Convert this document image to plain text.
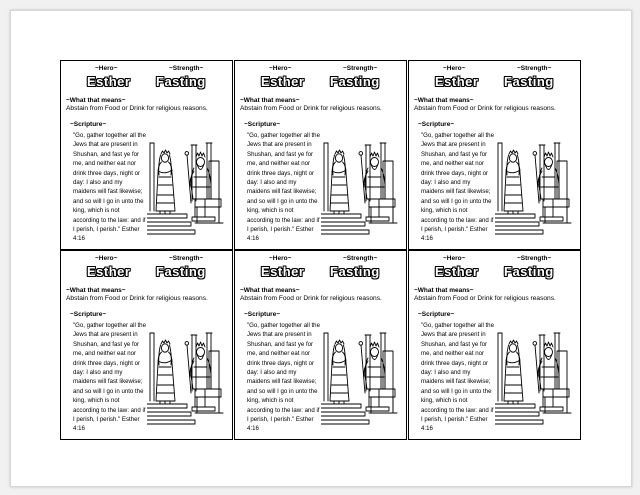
~Hero~	~Strength~
Esther Fasting
~What that means~
Abstain from Food or Drink for religious reasons.
~Scripture~
"Go, gather together all the Jews that are present in Shushan, and fast ye for me, and neither eat nor drink three days, night or day: I also and my maidens will fast likewise; and so will I go in unto the king, which is not according to the law: and if I perish, I perish." Esther 4:16
~Hero~	~Strength~
Esther Fasting
~What that means~
Abstain from Food or Drink for religious reasons.
~Scripture~
"Go, gather together all the Jews that are present in Shushan, and fast ye for me, and neither eat nor drink three days, night or day: I also and my maidens will fast likewise; and so will I go in unto the king, which is not according to the law: and if I perish, I perish." Esther 4:16
~Hero~	~Strength~
Esther Fasting
~What that means~
Abstain from Food or Drink for religious reasons.
~Scripture~
"Go, gather together all the Jews that are present in Shushan, and fast ye for me, and neither eat nor drink three days, night or day: I also and my maidens will fast likewise; and so will I go in unto the king, which is not according to the law: and if I perish, I perish." Esther 4:16
~Hero~	~Strength~
Esther Fasting
~What that means~
Abstain from Food or Drink for religious reasons.
~Scripture~
"Go, gather together all the Jews that are present in Shushan, and fast ye for me, and neither eat nor drink three days, night or day: I also and my maidens will fast likewise; and so will I go in unto the king, which is not according to the law: and if I perish, I perish." Esther 4:16
~Hero~	~Strength~
Esther Fasting
~What that means~
Abstain from Food or Drink for religious reasons.
~Scripture~
"Go, gather together all the Jews that are present in Shushan, and fast ye for me, and neither eat nor drink three days, night or day: I also and my maidens will fast likewise; and so will I go in unto the king, which is not according to the law: and if I perish, I perish." Esther 4:16
~Hero~	~Strength~
Esther Fasting
~What that means~
Abstain from Food or Drink for religious reasons.
~Scripture~
"Go, gather together all the Jews that are present in Shushan, and fast ye for me, and neither eat nor drink three days, night or day: I also and my maidens will fast likewise; and so will I go in unto the king, which is not according to the law: and if I perish, I perish." Esther 4:16
